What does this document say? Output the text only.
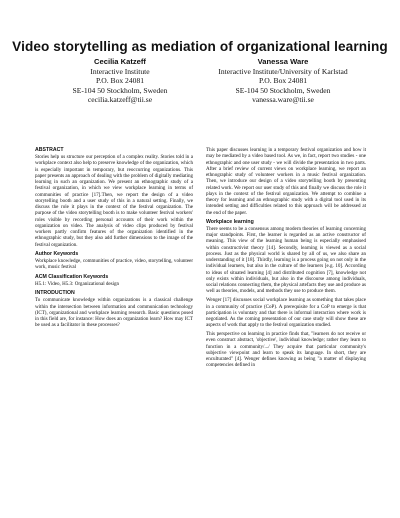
Video storytelling as mediation of organizational learning
Cecilia Katzeff
Interactive Institute
P.O. Box 24081
SE-104 50 Stockholm, Sweden
cecilia.katzeff@tii.se
Vanessa Ware
Interactive Institute/University of Karlstad
P.O. Box 24081
SE-104 50 Stockholm, Sweden
vanessa.ware@tii.se
ABSTRACT

Stories help us structure our perception of a complex reality. Stories told in a workplace context also help to preserve knowledge of the organization, which is especially important in temporary, but reoccurring organizations. This paper presents an approach of dealing with the problem of digitally mediating learning in such an organization. We present an ethnographic study of a festival organization, in which we view workplace learning in terms of communities of practice [17].Then, we report the design of a video storytelling booth and a user study of this in a natural setting. Finally, we discuss the role it plays in the context of the festival organization. The purpose of the video storytelling booth is to make volunteer festival workers' roles visible by recording personal accounts of their work within the organization on video. The analysis of video clips produced by festival workers partly confirm features of the organization identified in the ethnographic study, but they also add further dimensions to the image of the festival organization.

Author Keywords

Workplace knowledge, communities of practice, video, storytelling, volunteer work, music festival

ACM Classification Keywords

H5.1: Video, H5.3: Organizational design

INTRODUCTION

To communicate knowledge within organizations is a classical challenge within the intersection between information and communication technology (ICT), organizational and workplace learning research. Basic questions posed in this field are, for instance: How does an organization learn? How may ICT be used as a facilitator in these processes?

This paper discusses learning in a temporary festival organization and how it may be mediated by a video based tool. As we, in fact, report two studies - one ethnographic and one user study - we will divide the presentation in two parts. After a brief review of current views on workplace learning, we report an ethnographic study of volunteer workers in a music festival organization. Then, we introduce our design of a video storytelling booth by presenting related work. We report our user study of this and finally we discuss the role it plays in the context of the festival organization. We attempt to combine a theory for learning and an ethnographic study with a digital tool used in its intended setting and difficulties related to this approach will be addressed at the end of the paper.

Workplace learning

There seems to be a consensus among modern theories of learning concerning major standpoints. First, the learner is regarded as an active constructor of meaning. This view of the learning human being is especially emphasised within constructivist theory [14]. Secondly, learning is viewed as a social process. Just as the physical world is shared by all of us, we also share an understanding of it [18]. Thirdly, learning is a process going on not only in the individual learners, but also in the culture of the learners [e.g. 10]. According to ideas of situated learning [4] and distributed cognition [7], knowledge not only exists within individuals, but also in the discourse among individuals, social relations connecting them, the physical artefacts they use and produce as well as theories, models, and methods they use to produce them.

Wenger [17] discusses social workplace learning as something that takes place in a community of practice (CoP). A prerequisite for a CoP to emerge is that participation is voluntary and that there is informal interaction where work is negotiated. As the coming presentation of our case study will show these are aspects of work that apply to the festival organization studied.

This perspective on learning in practice finds that, "learners do not receive or even construct abstract, 'objective', individual knowledge; rather they learn to function in a community/.../ They acquire that particular community's subjective viewpoint and learn to speak its language. In short, they are enculturated" [4]. Wenger defines knowing as being "a matter of displaying competencies defined in
